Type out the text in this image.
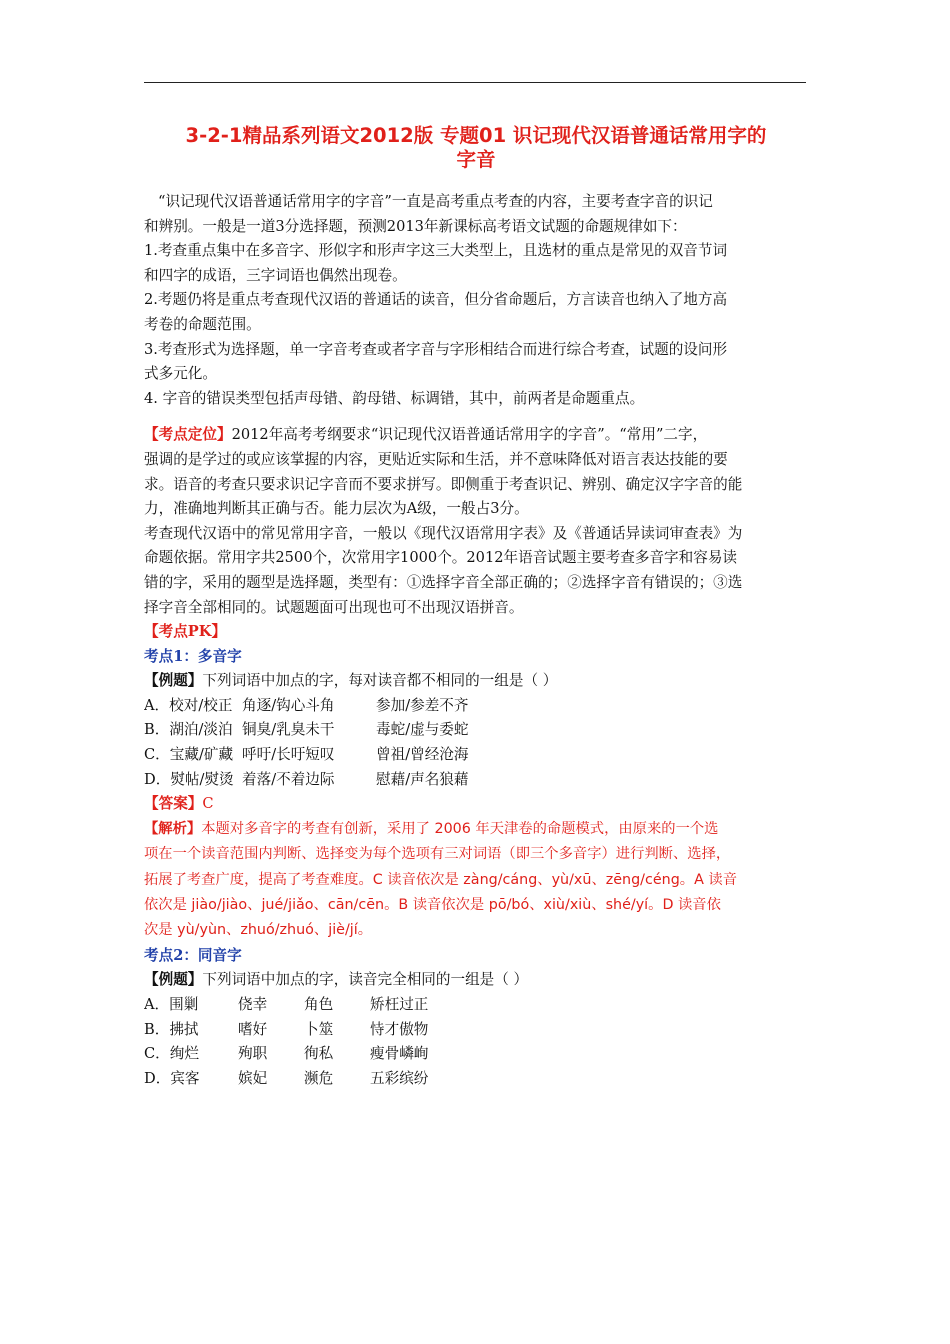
3-2-1精品系列语文2012版 专题01 识记现代汉语普通话常用字的
字音

“识记现代汉语普通话常用字的字音”一直是高考重点考查的内容，主要考查字音的识记

和辨别。一般是一道3分选择题，预测2013年新课标高考语文试题的命题规律如下：

1.考查重点集中在多音字、形似字和形声字这三大类型上，且选材的重点是常见的双音节词

和四字的成语，三字词语也偶然出现卷。

2.考题仍将是重点考查现代汉语的普通话的读音，但分省命题后，方言读音也纳入了地方高

考卷的命题范围。

3.考查形式为选择题，单一字音考查或者字音与字形相结合而进行综合考查，试题的设问形

式多元化。

4. 字音的错误类型包括声母错、韵母错、标调错，其中，前两者是命题重点。

【考点定位】2012年高考考纲要求“识记现代汉语普通话常用字的字音”。“常用”二字，

强调的是学过的或应该掌握的内容，更贴近实际和生活，并不意味降低对语言表达技能的要

求。语音的考查只要求识记字音而不要求拼写。即侧重于考查识记、辨别、确定汉字字音的能

力，准确地判断其正确与否。能力层次为A级，一般占3分。

考查现代汉语中的常见常用字音，一般以《现代汉语常用字表》及《普通话异读词审查表》为

命题依据。常用字共2500个，次常用字1000个。2012年语音试题主要考查多音字和容易读

错的字，采用的题型是选择题，类型有：①选择字音全部正确的；②选择字音有错误的；③选

择字音全部相同的。试题题面可出现也可不出现汉语拼音。

【考点PK】

考点1：多音字

【例题】下列词语中加点的字，每对读音都不相同的一组是（ ）

A．校对/校正 角逐/钩心斗角	参加/参差不齐
B．湖泊/淡泊 铜臭/乳臭未干	毒蛇/虚与委蛇
C．宝藏/矿藏 呼吁/长吁短叹	曾祖/曾经沧海
D．熨帖/熨烫 着落/不着边际	慰藉/声名狼藉

【答案】C

【解析】本题对多音字的考查有创新，采用了 2006 年天津卷的命题模式，由原来的一个选

项在一个读音范围内判断、选择变为每个选项有三对词语（即三个多音字）进行判断、选择，

拓展了考查广度，提高了考查难度。C 读音依次是 zàng/cáng、yù/xū、zēng/céng。A 读音

依次是 jiào/jiào、jué/jiǎo、cān/cēn。B 读音依次是 pō/bó、xiù/xiù、shé/yí。D 读音依

次是 yù/yùn、zhuó/zhuó、jiè/jí。

考点2：同音字

【例题】下列词语中加点的字，读音完全相同的一组是（ ）

A．围剿	侥幸	角色	矫枉过正
B．拂拭	嗜好	卜筮	恃才傲物
C．绚烂	殉职	徇私	瘦骨嶙峋
D．宾客	嫔妃	濒危	五彩缤纷
